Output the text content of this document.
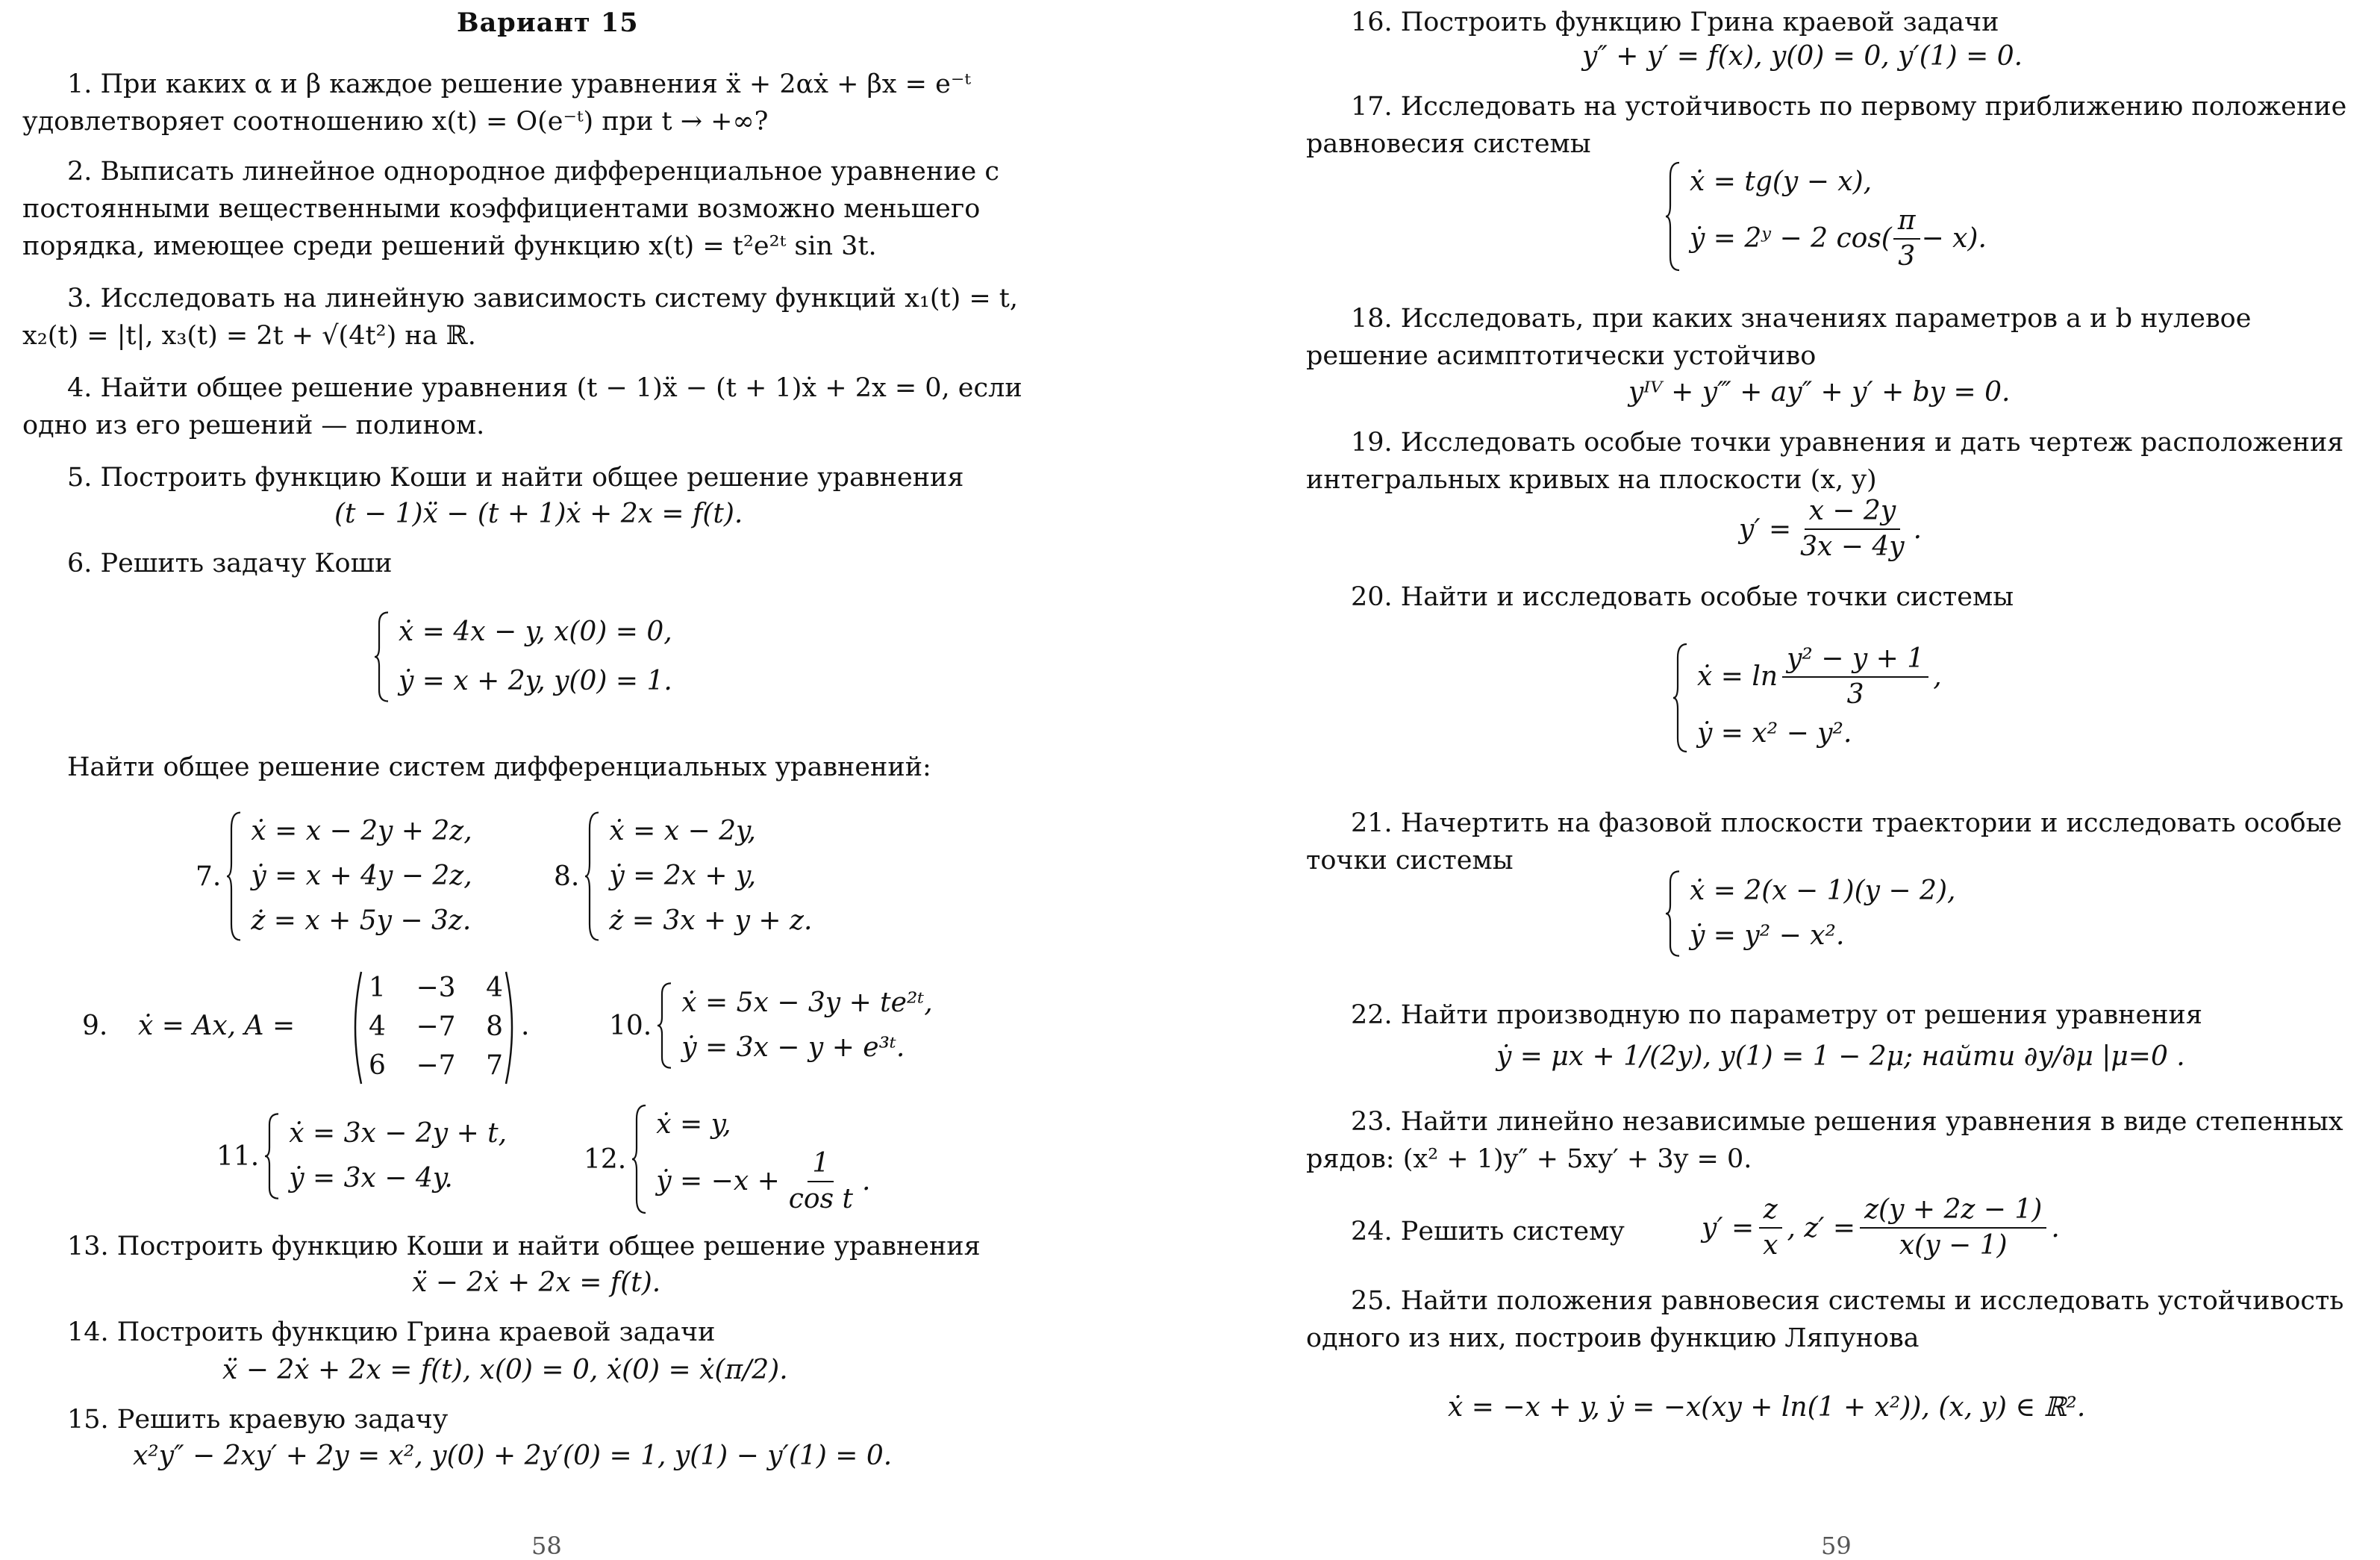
Вариант 15

1. При каких α и β каждое решение уравнения ẍ + 2αẋ + βx = e⁻ᵗ удовлетворяет соотношению x(t) = O(e⁻ᵗ) при t → +∞?

2. Выписать линейное однородное дифференциальное уравнение с постоянными вещественными коэффициентами возможно меньшего порядка, имеющее среди решений функцию x(t) = t²e²ᵗ sin 3t.

3. Исследовать на линейную зависимость систему функций x₁(t) = t, x₂(t) = |t|, x₃(t) = 2t + √(4t²) на ℝ.

4. Найти общее решение уравнения (t − 1)ẍ − (t + 1)ẋ + 2x = 0, если одно из его решений — полином.

5. Построить функцию Коши и найти общее решение уравнения
(t − 1)ẍ − (t + 1)ẋ + 2x = f(t).
6. Решить задачу Коши
ẋ = 4x − y, x(0) = 0,
ẏ = x + 2y, y(0) = 1.
Найти общее решение систем дифференциальных уравнений:
7.
ẋ = x − 2y + 2z,
ẏ = x + 4y − 2z,
ż = x + 5y − 3z.
8.
ẋ = x − 2y,
ẏ = 2x + y,
ż = 3x + y + z.
9. ẋ = Ax, A =
1 −3 4
4 −7 8
6 −7 7
.	10.
ẋ = 5x − 3y + te²ᵗ,
ẏ = 3x − y + e³ᵗ.
11.
ẋ = 3x − 2y + t,
ẏ = 3x − 4y.
12.
ẋ = y,
ẏ = $-x + \frac{1}{\text{cos t}}$ .
13. Построить функцию Коши и найти общее решение уравнения
ẍ − 2ẋ + 2x = f(t).
14. Построить функцию Грина краевой задачи
ẍ − 2ẋ + 2x = f(t), x(0) = 0, ẋ(0) = ẋ(π/2).
15. Решить краевую задачу
x²y″ − 2xy′ + 2y = x², y(0) + 2y′(0) = 1, y(1) − y′(1) = 0.
58
16. Построить функцию Грина краевой задачи
y″ + y′ = f(x), y(0) = 0, y′(1) = 0.

17. Исследовать на устойчивость по первому приближению положение равновесия системы

ẋ = tg(y − x),
ẏ = 2ʸ − 2 $\cos( \frac{\pi}{3} - x)$.

18. Исследовать, при каких значениях параметров a и b нулевое решение асимптотически устойчиво

yᴵⱽ + y‴ + ay″ + y′ + by = 0.

19. Исследовать особые точки уравнения и дать чертеж расположения интегральных кривых на плоскости (x, y)

$y' = \frac{x - 2y}{3x - 4y}$ .
20. Найти и исследовать особые точки системы
ẋ = $\ln \frac{\text{y² − y + 1}}{3}$ ,
ẏ = x² − y².

21. Начертить на фазовой плоскости траектории и исследовать особые точки системы

ẋ = 2(x − 1)(y − 2),
ẏ = y² − x².
22. Найти производную по параметру от решения уравнения
ẏ = μx + 1/(2y), y(1) = 1 − 2μ; найти ∂y/∂μ |μ=0 .

23. Найти линейно независимые решения уравнения в виде степенных рядов: (x² + 1)y″ + 5xy′ + 3y = 0.

24. Решить систему	$y' = \frac{z}{x}$ , $z' = \frac{z(y + 2z - 1)}{x(y - 1)}$ .

25. Найти положения равновесия системы и исследовать устойчивость одного из них, построив функцию Ляпунова

ẋ = −x + y, ẏ = −x(xy + ln(1 + x²)), (x, y) ∈ ℝ².
59
